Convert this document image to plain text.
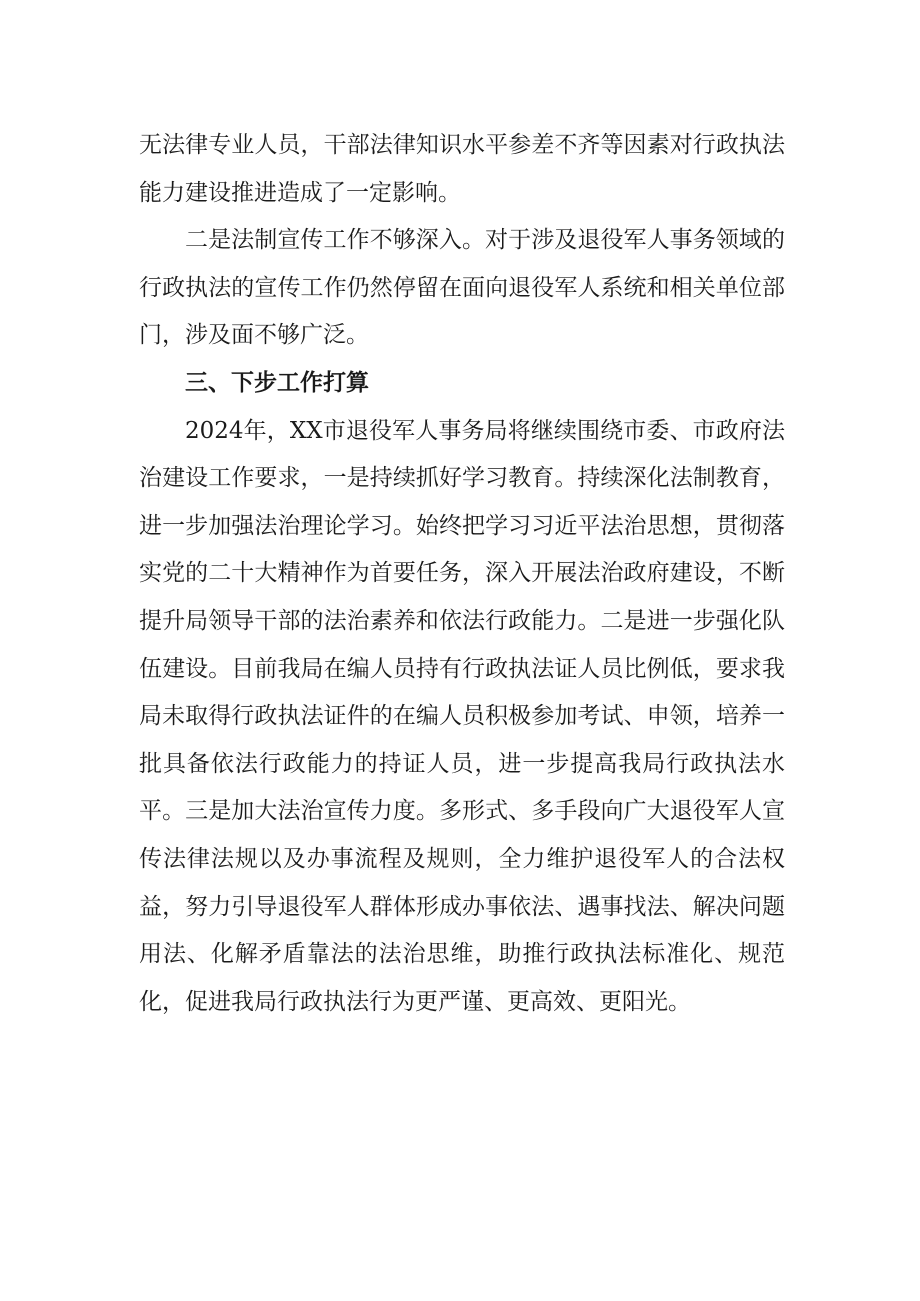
无法律专业人员，干部法律知识水平参差不齐等因素对行政执法能力建设推进造成了一定影响。

二是法制宣传工作不够深入。对于涉及退役军人事务领域的行政执法的宣传工作仍然停留在面向退役军人系统和相关单位部门，涉及面不够广泛。

三、下步工作打算

2024年，XX市退役军人事务局将继续围绕市委、市政府法治建设工作要求，一是持续抓好学习教育。持续深化法制教育，进一步加强法治理论学习。始终把学习习近平法治思想，贯彻落实党的二十大精神作为首要任务，深入开展法治政府建设，不断提升局领导干部的法治素养和依法行政能力。二是进一步强化队伍建设。目前我局在编人员持有行政执法证人员比例低，要求我局未取得行政执法证件的在编人员积极参加考试、申领，培养一批具备依法行政能力的持证人员，进一步提高我局行政执法水平。三是加大法治宣传力度。多形式、多手段向广大退役军人宣传法律法规以及办事流程及规则，全力维护退役军人的合法权益，努力引导退役军人群体形成办事依法、遇事找法、解决问题用法、化解矛盾靠法的法治思维，助推行政执法标准化、规范化，促进我局行政执法行为更严谨、更高效、更阳光。
